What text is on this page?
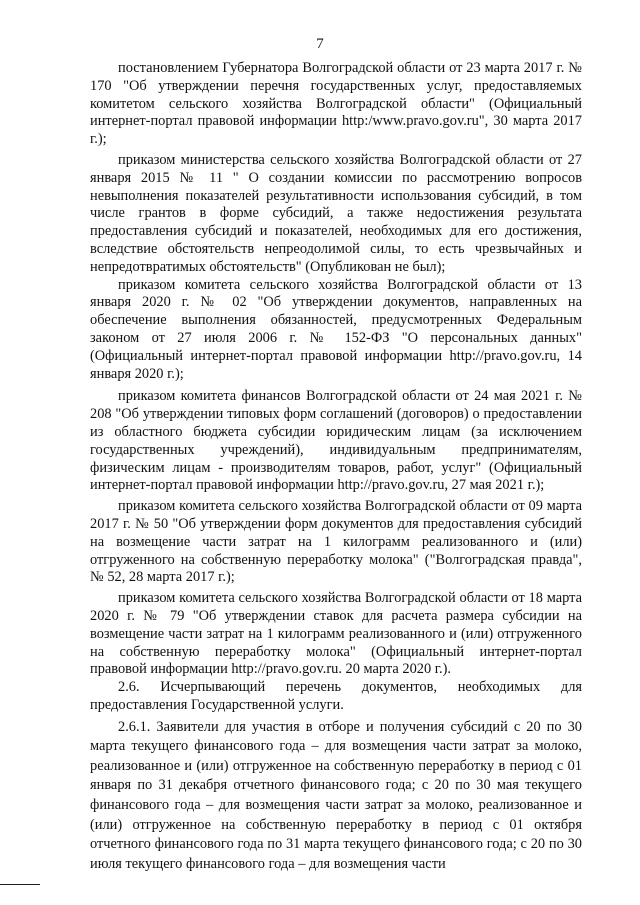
7

постановлением Губернатора Волгоградской области от 23 марта 2017 г. № 170 "Об утверждении перечня государственных услуг, предоставляемых комитетом сельского хозяйства Волгоградской области" (Официальный интернет-портал правовой информации http:/www.pravo.gov.ru", 30 марта 2017 г.);

приказом министерства сельского хозяйства Волгоградской области от 27 января 2015 № 11 " О создании комиссии по рассмотрению вопросов невыполнения показателей результативности использования субсидий, в том числе грантов в форме субсидий, а также недостижения результата предоставления субсидий и показателей, необходимых для его достижения, вследствие обстоятельств непреодолимой силы, то есть чрезвычайных и непредотвратимых обстоятельств" (Опубликован не был);

приказом комитета сельского хозяйства Волгоградской области от 13 января 2020 г. № 02 "Об утверждении документов, направленных на обеспечение выполнения обязанностей, предусмотренных Федеральным законом от 27 июля 2006 г. № 152-ФЗ "О персональных данных" (Официальный интернет-портал правовой информации http://pravo.gov.ru, 14 января 2020 г.);

приказом комитета финансов Волгоградской области от 24 мая 2021 г. № 208 "Об утверждении типовых форм соглашений (договоров) о предоставлении из областного бюджета субсидии юридическим лицам (за исключением государственных учреждений), индивидуальным предпринимателям, физическим лицам - производителям товаров, работ, услуг" (Официальный интернет-портал правовой информации http://pravo.gov.ru, 27 мая 2021 г.);

приказом комитета сельского хозяйства Волгоградской области от 09 марта 2017 г. № 50 "Об утверждении форм документов для предоставления субсидий на возмещение части затрат на 1 килограмм реализованного и (или) отгруженного на собственную переработку молока" ("Волгоградская правда", № 52, 28 марта 2017 г.);

приказом комитета сельского хозяйства Волгоградской области от 18 марта 2020 г. № 79 "Об утверждении ставок для расчета размера субсидии на возмещение части затрат на 1 килограмм реализованного и (или) отгруженного на собственную переработку молока" (Официальный интернет-портал правовой информации http://pravo.gov.ru. 20 марта 2020 г.).

2.6. Исчерпывающий перечень документов, необходимых для предоставления Государственной услуги.

2.6.1. Заявители для участия в отборе и получения субсидий с 20 по 30 марта текущего финансового года – для возмещения части затрат за молоко, реализованное и (или) отгруженное на собственную переработку в период с 01 января по 31 декабря отчетного финансового года; с 20 по 30 мая текущего финансового года – для возмещения части затрат за молоко, реализованное и (или) отгруженное на собственную переработку в период с 01 октября отчетного финансового года по 31 марта текущего финансового года; с 20 по 30 июля текущего финансового года – для возмещения части
